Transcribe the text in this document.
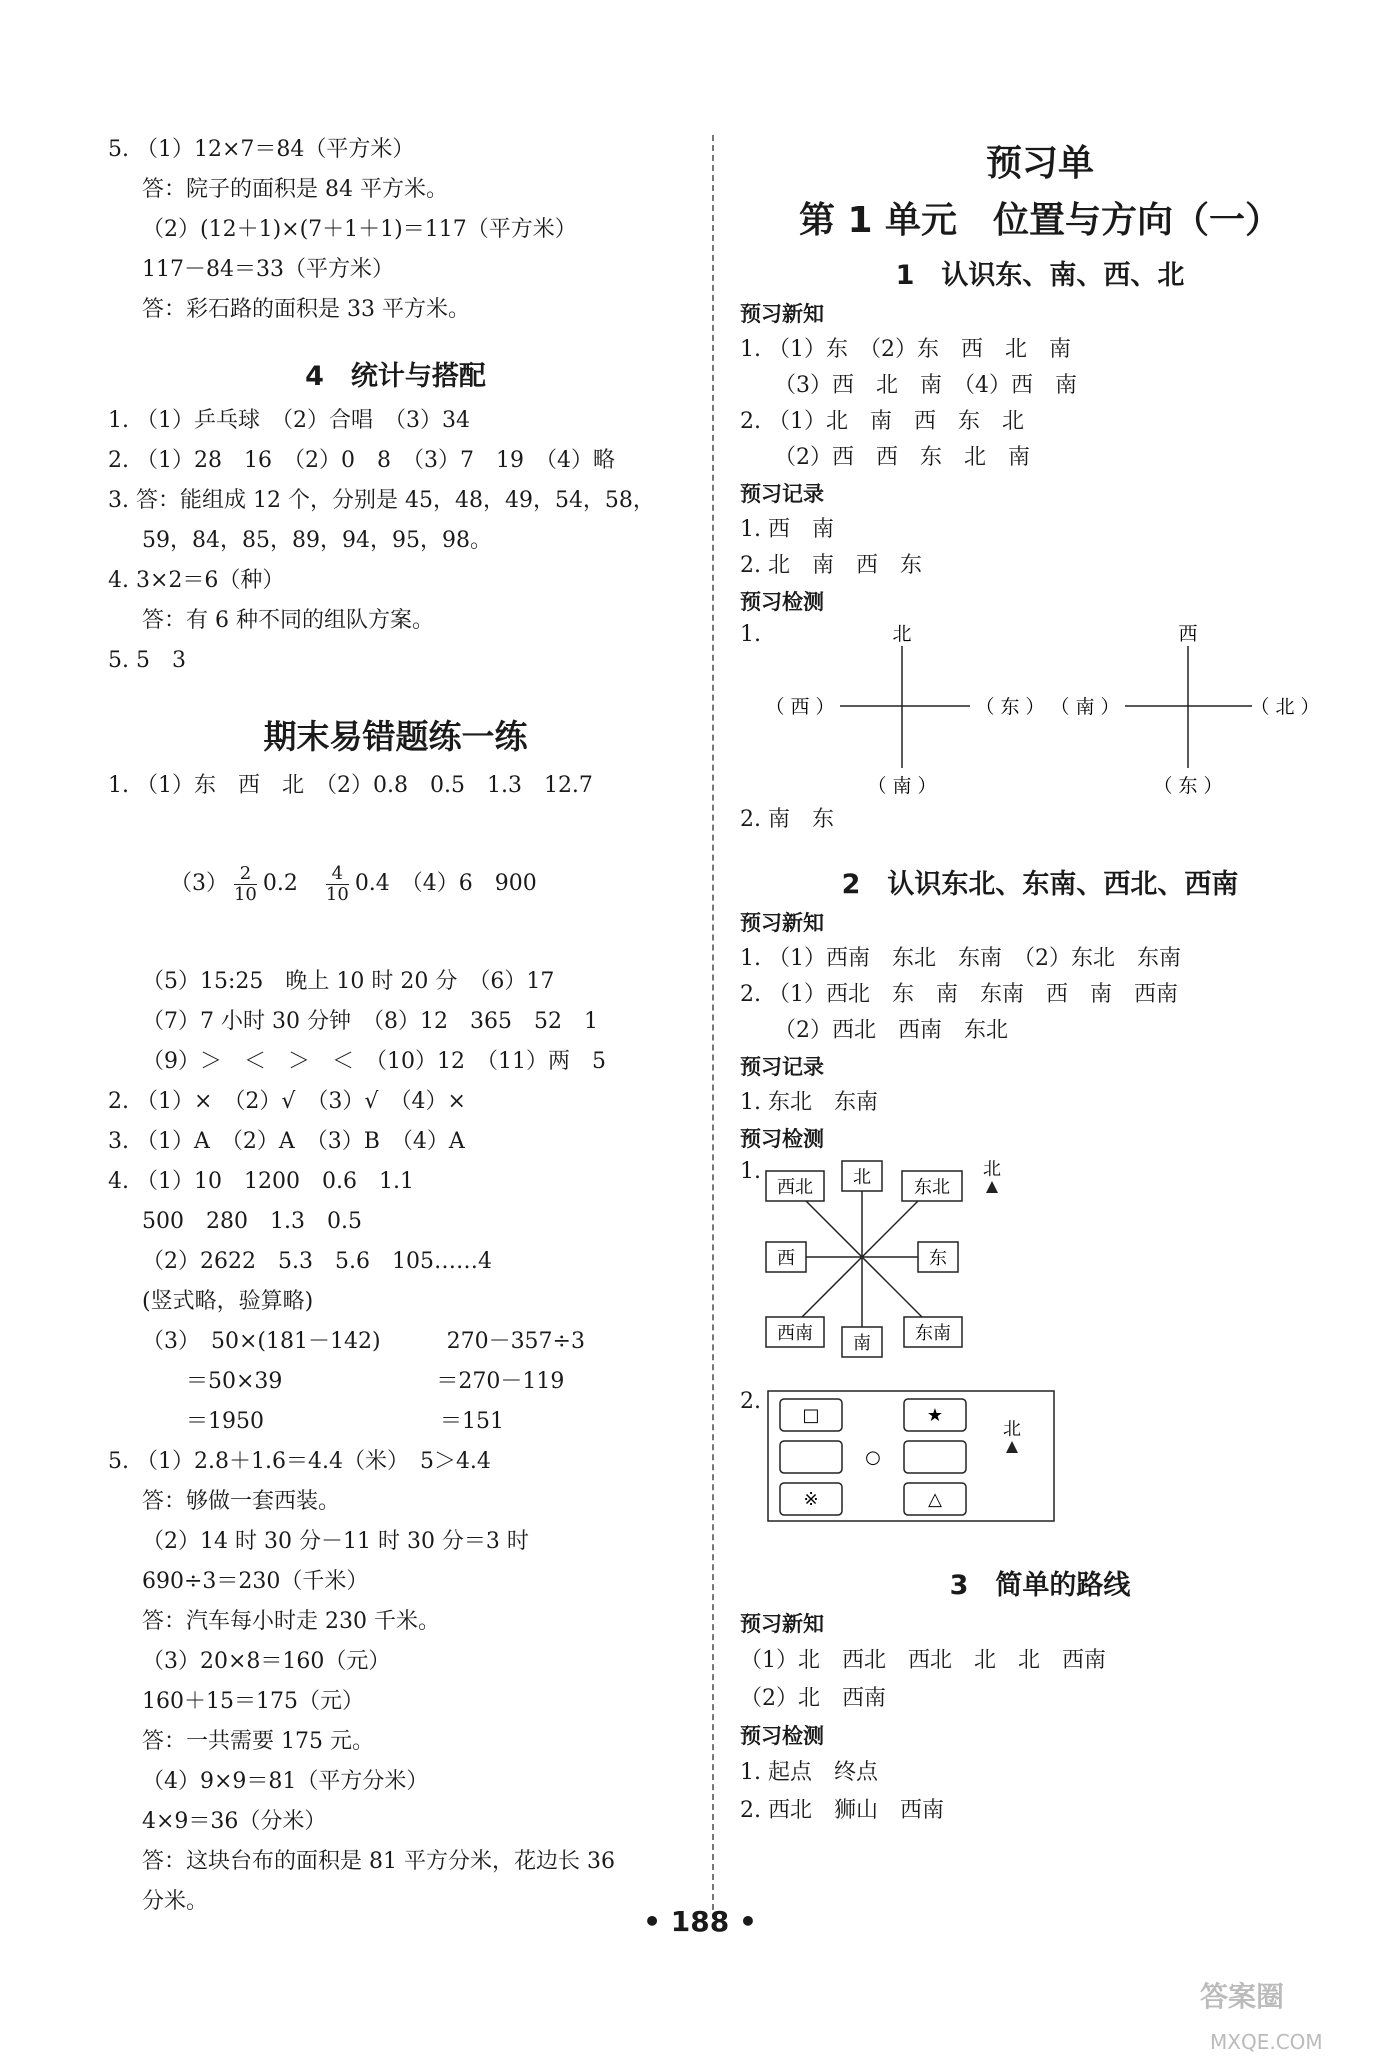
5. （1）12×7＝84（平方米）
答：院子的面积是 84 平方米。
（2）(12＋1)×(7＋1＋1)＝117（平方米）
117－84＝33（平方米）
答：彩石路的面积是 33 平方米。
4　统计与搭配
1. （1）乒乓球　（2）合唱　（3）34
2. （1）28　16　（2）0　8　（3）7　19　（4）略
3. 答：能组成 12 个，分别是 45，48，49，54，58，
59，84，85，89，94，95，98。
4. 3×2＝6（种）
答：有 6 种不同的组队方案。
5. 5　3
期末易错题练一练
1. （1）东　西　北　（2）0.8　0.5　1.3　12.7

$(3) \frac{2}{10} 0.2$　 $\frac{4}{10} 0.4$　（4）6　900

（5）15:25　晚上 10 时 20 分　（6）17
（7）7 小时 30 分钟　（8）12　365　52　1
（9）＞　＜　＞　＜　（10）12　（11）两　5
2. （1）×　（2）√　（3）√　（4）×
3. （1）A　（2）A　（3）B　（4）A
4. （1）10　1200　0.6　1.1
500　280　1.3　0.5
（2）2622　5.3　5.6　105……4
(竖式略，验算略)
（3）　50×(181－142)　　　270－357÷3
　　＝50×39　　　　　　　＝270－119
　　＝1950　　　　　　　　＝151
5. （1）2.8＋1.6＝4.4（米）　5＞4.4
答：够做一套西装。
（2）14 时 30 分－11 时 30 分＝3 时
690÷3＝230（千米）
答：汽车每小时走 230 千米。
（3）20×8＝160（元）
160＋15＝175（元）
答：一共需要 175 元。
（4）9×9＝81（平方分米）
4×9＝36（分米）
答：这块台布的面积是 81 平方分米，花边长 36
分米。
预习单
第 1 单元　位置与方向（一）
1　认识东、南、西、北
预习新知
1. （1）东　（2）东　西　北　南
（3）西　北　南　（4）西　南
2. （1）北　南　西　东　北
（2）西　西　东　北　南
预习记录
1. 西　南
2. 北　南　西　东
预习检测
1.	北
（ 西 ）	（ 东 ）
（ 南 ）
西
（ 南 ）	（ 北 ）
（ 东 ）
2. 南　东
2　认识东北、东南、西北、西南
预习新知
1. （1）西南　东北　东南　（2）东北　东南
2. （1）西北　东　南　东南　西　南　西南
（2）西北　西南　东北
预习记录
1. 东北　东南
预习检测
1.
西北 北 东北
西	东
西南 南 东南
北
2.
□	★
○
※	△
北
3　简单的路线
预习新知
（1）北　西北　西北　北　北　西南
（2）北　西南
预习检测
1. 起点　终点
2. 西北　狮山　西南
• 188 •
答案圈
MXQE.COM
